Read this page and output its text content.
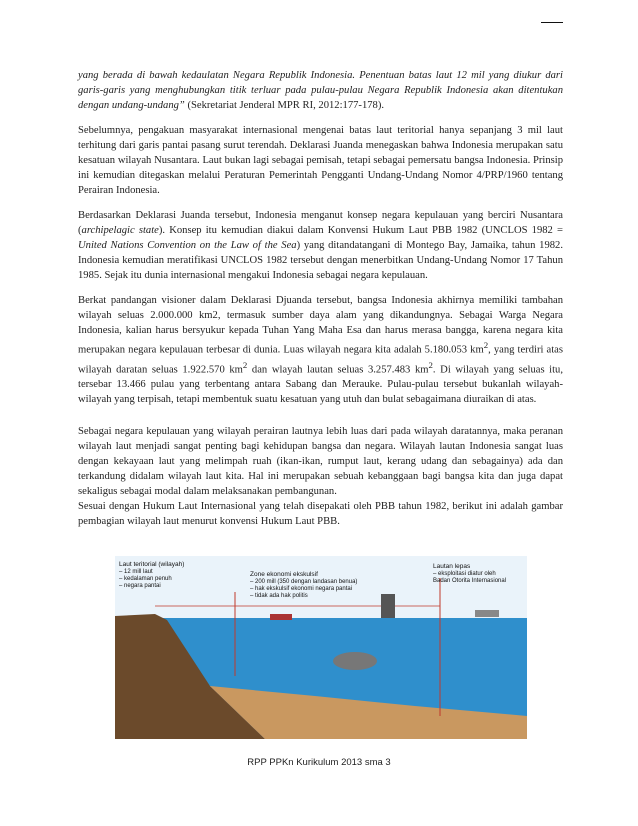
yang berada di bawah kedaulatan Negara Republik Indonesia. Penentuan batas laut 12 mil yang diukur dari garis-garis yang menghubungkan titik terluar pada pulau-pulau Negara Republik Indonesia akan ditentukan dengan undang-undang” (Sekretariat Jenderal MPR RI, 2012:177-178).

Sebelumnya, pengakuan masyarakat internasional mengenai batas laut teritorial hanya sepanjang 3 mil laut terhitung dari garis pantai pasang surut terendah. Deklarasi Juanda menegaskan bahwa Indonesia merupakan satu kesatuan wilayah Nusantara. Laut bukan lagi sebagai pemisah, tetapi sebagai pemersatu bangsa Indonesia. Prinsip ini kemudian ditegaskan melalui Peraturan Pemerintah Pengganti Undang-Undang Nomor 4/PRP/1960 tentang Perairan Indonesia.

Berdasarkan Deklarasi Juanda tersebut, Indonesia menganut konsep negara kepulauan yang berciri Nusantara (archipelagic state). Konsep itu kemudian diakui dalam Konvensi Hukum Laut PBB 1982 (UNCLOS 1982 = United Nations Convention on the Law of the Sea) yang ditandatangani di Montego Bay, Jamaika, tahun 1982. Indonesia kemudian meratifikasi UNCLOS 1982 tersebut dengan menerbitkan Undang-Undang Nomor 17 Tahun 1985. Sejak itu dunia internasional mengakui Indonesia sebagai negara kepulauan.

Berkat pandangan visioner dalam Deklarasi Djuanda tersebut, bangsa Indonesia akhirnya memiliki tambahan wilayah seluas 2.000.000 km2, termasuk sumber daya alam yang dikandungnya. Sebagai Warga Negara Indonesia, kalian harus bersyukur kepada Tuhan Yang Maha Esa dan harus merasa bangga, karena negara kita merupakan negara kepulauan terbesar di dunia. Luas wilayah negara kita adalah 5.180.053 $km^2$, yang terdiri atas wilayah daratan seluas 1.922.570 $km^2$ dan wlayah lautan seluas 3.257.483 $km^2$. Di wilayah yang seluas itu, tersebar 13.466 pulau yang terbentang antara Sabang dan Merauke. Pulau-pulau tersebut bukanlah wilayah-wilayah yang terpisah, tetapi membentuk suatu kesatuan yang utuh dan bulat sebagaimana diuraikan di atas.

Sebagai negara kepulauan yang wilayah perairan lautnya lebih luas dari pada wilayah daratannya, maka peranan wilayah laut menjadi sangat penting bagi kehidupan bangsa dan negara. Wilayah lautan Indonesia sangat luas dengan kekayaan laut yang melimpah ruah (ikan-ikan, rumput laut, kerang udang dan sebagainya) ada dan terkandung didalam wilayah laut kita. Hal ini merupakan sebuah kebanggaan bagi bangsa kita dan juga dapat sekaligus sebagai modal dalam melaksanakan pembangunan.

Sesuai dengan Hukum Laut Internasional yang telah disepakati oleh PBB tahun 1982, berikut ini adalah gambar pembagian wilayah laut menurut konvensi Hukum Laut PBB.

Laut teritorial (wilayah)
– 12 mill laut
– kedalaman penuh
– negara pantai
Zone ekonomi ekskulsif
– 200 mill (350 dengan landasan benua)
– hak ekskulsif ekonomi negara pantai
– tidak ada hak politis
Lautan lepas
– eksploitasi diatur oleh
Badan Otorita Internasional
RPP PPKn Kurikulum 2013 sma 3
